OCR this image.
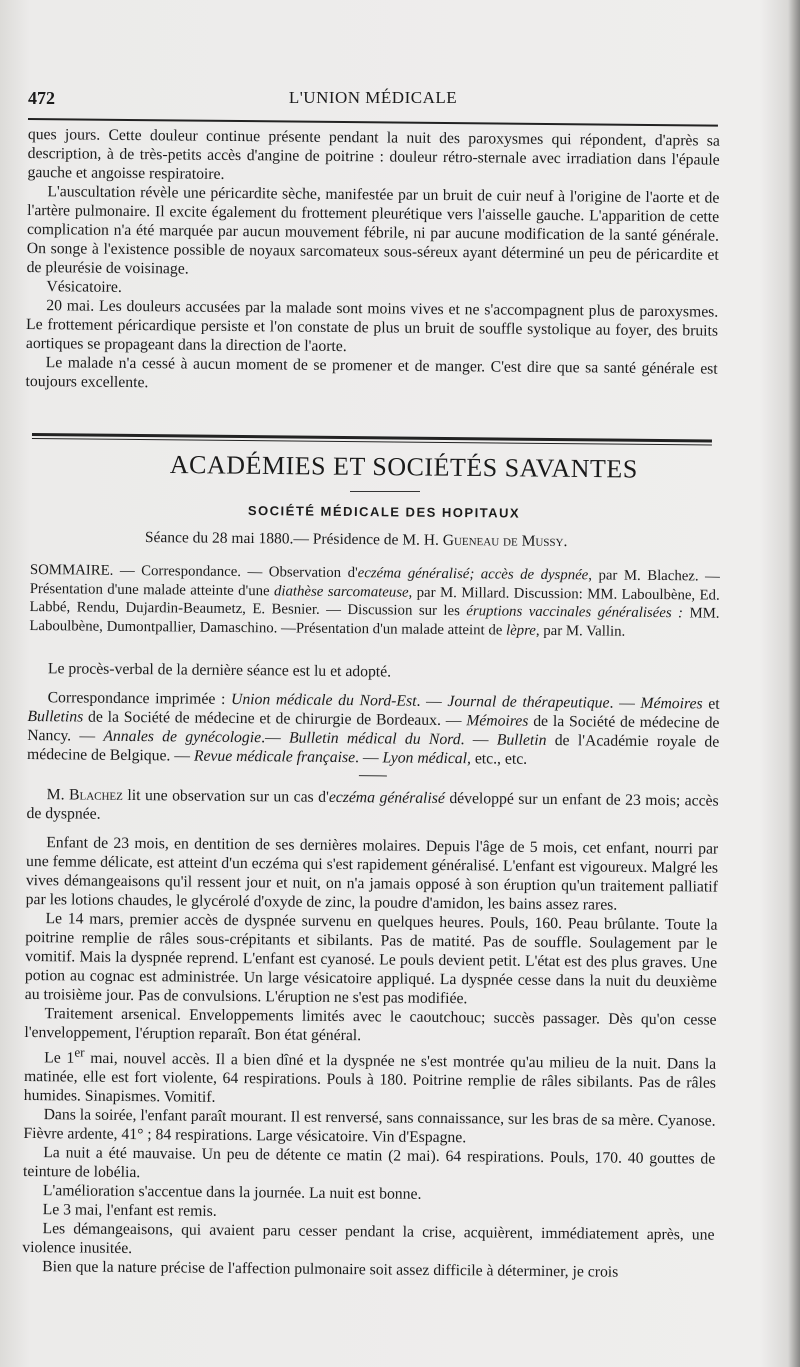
472	L'UNION MÉDICALE

ques jours. Cette douleur continue présente pendant la nuit des paroxysmes qui répondent, d'après sa description, à de très-petits accès d'angine de poitrine : douleur rétro-sternale avec irradiation dans l'épaule gauche et angoisse respiratoire.

L'auscultation révèle une péricardite sèche, manifestée par un bruit de cuir neuf à l'origine de l'aorte et de l'artère pulmonaire. Il excite également du frottement pleurétique vers l'aisselle gauche. L'apparition de cette complication n'a été marquée par aucun mouvement fébrile, ni par aucune modification de la santé générale. On songe à l'existence possible de noyaux sarcomateux sous-séreux ayant déterminé un peu de péricardite et de pleurésie de voisinage.

Vésicatoire.

20 mai. Les douleurs accusées par la malade sont moins vives et ne s'accompagnent plus de paroxysmes. Le frottement péricardique persiste et l'on constate de plus un bruit de souffle systolique au foyer, des bruits aortiques se propageant dans la direction de l'aorte.

Le malade n'a cessé à aucun moment de se promener et de manger. C'est dire que sa santé générale est toujours excellente.

ACADÉMIES ET SOCIÉTÉS SAVANTES
SOCIÉTÉ MÉDICALE DES HOPITAUX
Séance du 28 mai 1880.— Présidence de M. H. Gueneau de Mussy.

SOMMAIRE. — Correspondance. — Observation d'eczéma généralisé; accès de dyspnée, par M. Blachez. —Présentation d'une malade atteinte d'une diathèse sarcomateuse, par M. Millard. Discussion: MM. Laboulbène, Ed. Labbé, Rendu, Dujardin-Beaumetz, E. Besnier. — Discussion sur les éruptions vaccinales généralisées : MM. Laboulbène, Dumontpallier, Damaschino. —Présentation d'un malade atteint de lèpre, par M. Vallin.

Le procès-verbal de la dernière séance est lu et adopté.

Correspondance imprimée : Union médicale du Nord-Est. — Journal de thérapeutique. — Mémoires et Bulletins de la Société de médecine et de chirurgie de Bordeaux. — Mémoires de la Société de médecine de Nancy. — Annales de gynécologie.— Bulletin médical du Nord. — Bulletin de l'Académie royale de médecine de Belgique. — Revue médicale française. — Lyon médical, etc., etc.

M. Blachez lit une observation sur un cas d'eczéma généralisé développé sur un enfant de 23 mois; accès de dyspnée.

Enfant de 23 mois, en dentition de ses dernières molaires. Depuis l'âge de 5 mois, cet enfant, nourri par une femme délicate, est atteint d'un eczéma qui s'est rapidement généralisé. L'enfant est vigoureux. Malgré les vives démangeaisons qu'il ressent jour et nuit, on n'a jamais opposé à son éruption qu'un traitement palliatif par les lotions chaudes, le glycérolé d'oxyde de zinc, la poudre d'amidon, les bains assez rares.

Le 14 mars, premier accès de dyspnée survenu en quelques heures. Pouls, 160. Peau brûlante. Toute la poitrine remplie de râles sous-crépitants et sibilants. Pas de matité. Pas de souffle. Soulagement par le vomitif. Mais la dyspnée reprend. L'enfant est cyanosé. Le pouls devient petit. L'état est des plus graves. Une potion au cognac est administrée. Un large vésicatoire appliqué. La dyspnée cesse dans la nuit du deuxième au troisième jour. Pas de convulsions. L'éruption ne s'est pas modifiée.

Traitement arsenical. Enveloppements limités avec le caoutchouc; succès passager. Dès qu'on cesse l'enveloppement, l'éruption reparaît. Bon état général.

Le 1er mai, nouvel accès. Il a bien dîné et la dyspnée ne s'est montrée qu'au milieu de la nuit. Dans la matinée, elle est fort violente, 64 respirations. Pouls à 180. Poitrine remplie de râles sibilants. Pas de râles humides. Sinapismes. Vomitif.

Dans la soirée, l'enfant paraît mourant. Il est renversé, sans connaissance, sur les bras de sa mère. Cyanose. Fièvre ardente, 41° ; 84 respirations. Large vésicatoire. Vin d'Espagne.

La nuit a été mauvaise. Un peu de détente ce matin (2 mai). 64 respirations. Pouls, 170. 40 gouttes de teinture de lobélia.

L'amélioration s'accentue dans la journée. La nuit est bonne.

Le 3 mai, l'enfant est remis.

Les démangeaisons, qui avaient paru cesser pendant la crise, acquièrent, immédiatement après, une violence inusitée.

Bien que la nature précise de l'affection pulmonaire soit assez difficile à déterminer, je crois
